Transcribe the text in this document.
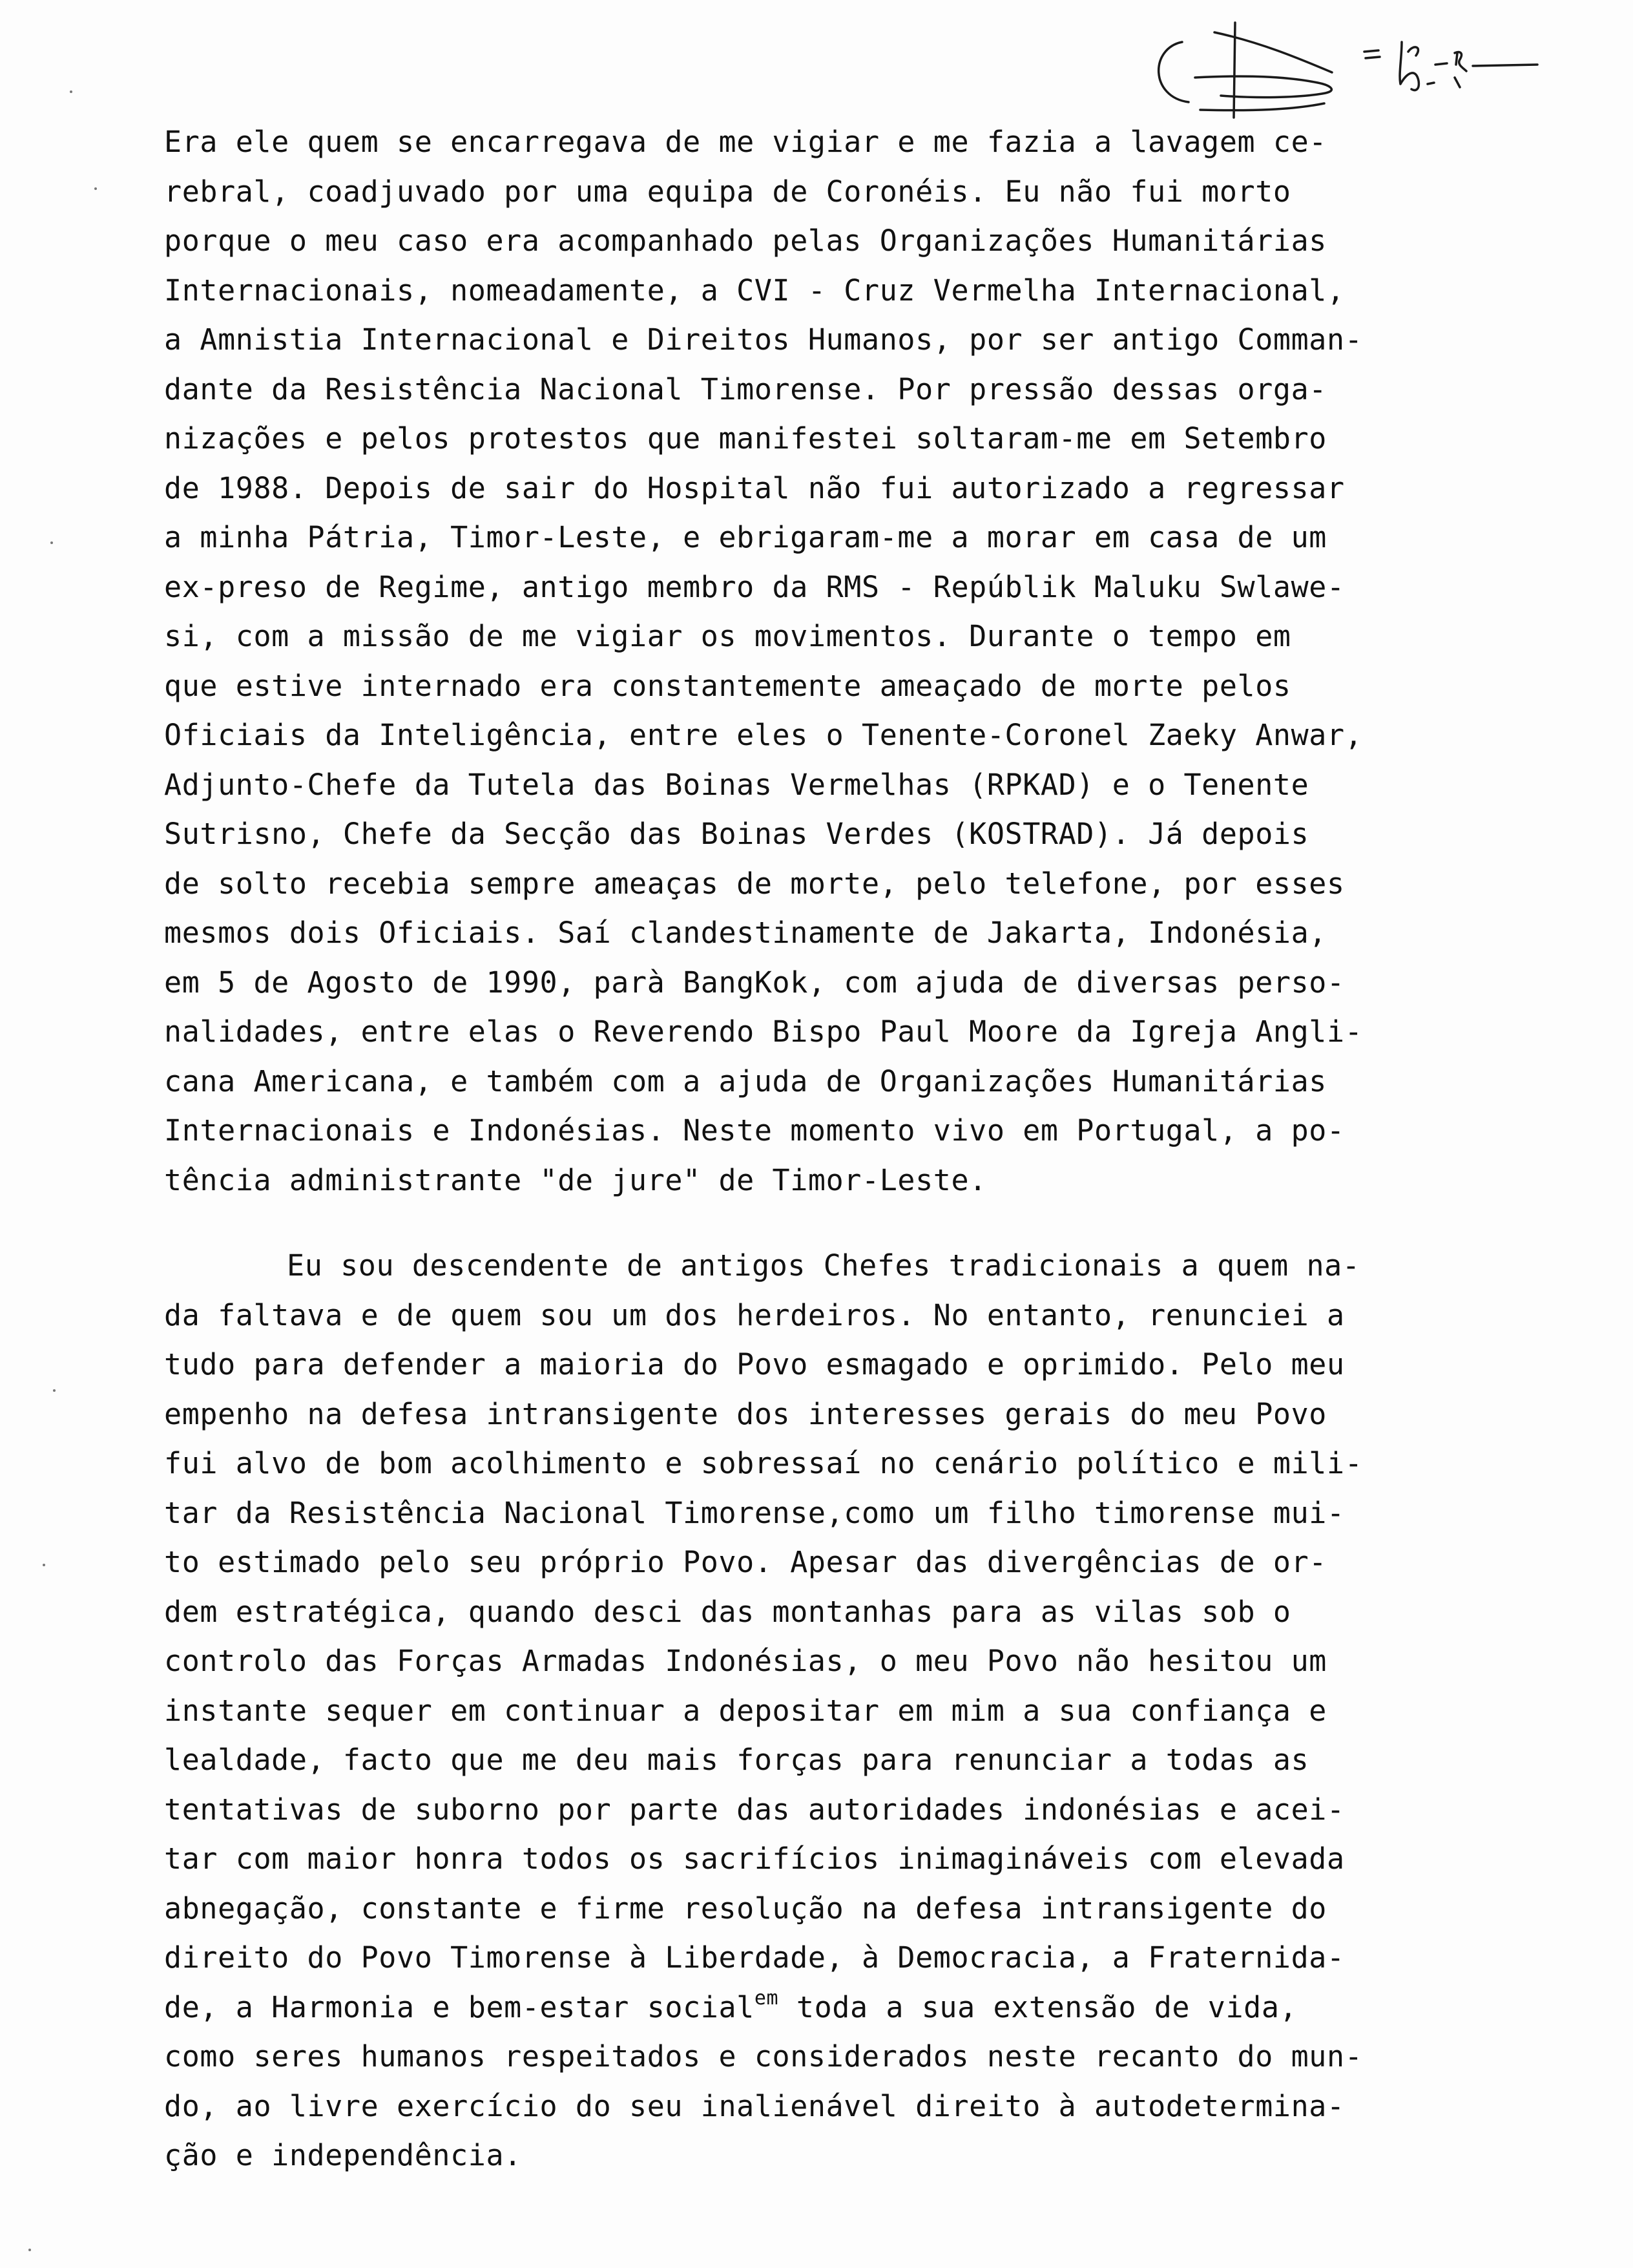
Era ele quem se encarregava de me vigiar e me fazia a lavagem ce-
rebral, coadjuvado por uma equipa de Coronéis. Eu não fui morto
porque o meu caso era acompanhado pelas Organizações Humanitárias
Internacionais, nomeadamente, a CVI - Cruz Vermelha Internacional,
a Amnistia Internacional e Direitos Humanos, por ser antigo Comman-
dante da Resistência Nacional Timorense. Por pressão dessas orga-
nizações e pelos protestos que manifestei soltaram-me em Setembro
de 1988. Depois de sair do Hospital não fui autorizado a regressar
a minha Pátria, Timor-Leste, e ebrigaram-me a morar em casa de um
ex-preso de Regime, antigo membro da RMS - Repúblik Maluku Swlawe-
si, com a missão de me vigiar os movimentos. Durante o tempo em
que estive internado era constantemente ameaçado de morte pelos
Oficiais da Inteligência, entre eles o Tenente-Coronel Zaeky Anwar,
Adjunto-Chefe da Tutela das Boinas Vermelhas (RPKAD) e o Tenente
Sutrisno, Chefe da Secção das Boinas Verdes (KOSTRAD). Já depois
de solto recebia sempre ameaças de morte, pelo telefone, por esses
mesmos dois Oficiais. Saí clandestinamente de Jakarta, Indonésia,
em 5 de Agosto de 1990, parà BangKok, com ajuda de diversas perso-
nalidades, entre elas o Reverendo Bispo Paul Moore da Igreja Angli-
cana Americana, e também com a ajuda de Organizações Humanitárias
Internacionais e Indonésias. Neste momento vivo em Portugal, a po-
tência administrante "de jure" de Timor-Leste.
Eu sou descendente de antigos Chefes tradicionais a quem na-
da faltava e de quem sou um dos herdeiros. No entanto, renunciei a
tudo para defender a maioria do Povo esmagado e oprimido. Pelo meu
empenho na defesa intransigente dos interesses gerais do meu Povo
fui alvo de bom acolhimento e sobressaí no cenário político e mili-
tar da Resistência Nacional Timorense,como um filho timorense mui-
to estimado pelo seu próprio Povo. Apesar das divergências de or-
dem estratégica, quando desci das montanhas para as vilas sob o
controlo das Forças Armadas Indonésias, o meu Povo não hesitou um
instante sequer em continuar a depositar em mim a sua confiança e
lealdade, facto que me deu mais forças para renunciar a todas as
tentativas de suborno por parte das autoridades indonésias e acei-
tar com maior honra todos os sacrifícios inimagináveis com elevada
abnegação, constante e firme resolução na defesa intransigente do
direito do Povo Timorense à Liberdade, à Democracia, a Fraternida-
de, a Harmonia e bem-estar social$^{em}$ toda a sua extensão de vida,
como seres humanos respeitados e considerados neste recanto do mun-
do, ao livre exercício do seu inalienável direito à autodetermina-
ção e independência.
